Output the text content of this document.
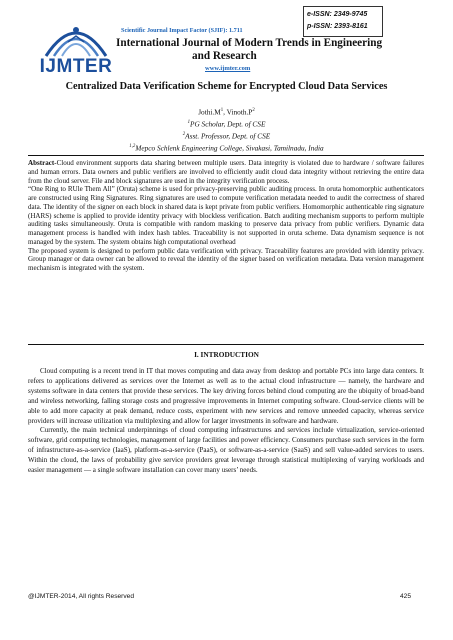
IJMTER
Scientific Journal Impact Factor (SJIF): 1.711
e-ISSN: 2349-9745
p-ISSN: 2393-8161
International Journal of Modern Trends in Engineering
and Research
www.ijmter.com
Centralized Data Verification Scheme for Encrypted Cloud Data Services
$Jothi.M^1$, $Vinoth.P^2$
$^1$PG Scholar, Dept. of CSE
$^2$Asst. Professor, Dept. of CSE
$^{1,2}$Mepco Schlenk Engineering College, Sivakasi, Tamilnadu, India

Abstract-Cloud environment supports data sharing between multiple users. Data integrity is violated due to hardware / software failures and human errors. Data owners and public verifiers are involved to efficiently audit cloud data integrity without retrieving the entire data from the cloud server. File and block signatures are used in the integrity verification process.

“One Ring to RUle Them All” (Oruta) scheme is used for privacy-preserving public auditing process. In oruta homomorphic authenticators are constructed using Ring Signatures. Ring signatures are used to compute verification metadata needed to audit the correctness of shared data. The identity of the signer on each block in shared data is kept private from public verifiers. Homomorphic authenticable ring signature (HARS) scheme is applied to provide identity privacy with blockless verification. Batch auditing mechanism supports to perform multiple auditing tasks simultaneously. Oruta is compatible with random masking to preserve data privacy from public verifiers. Dynamic data management process is handled with index hash tables. Traceability is not supported in oruta scheme. Data dynamism sequence is not managed by the system. The system obtains high computational overhead

The proposed system is designed to perform public data verification with privacy. Traceability features are provided with identity privacy. Group manager or data owner can be allowed to reveal the identity of the signer based on verification metadata. Data version management mechanism is integrated with the system.

I. INTRODUCTION

Cloud computing is a recent trend in IT that moves computing and data away from desktop and portable PCs into large data centers. It refers to applications delivered as services over the Internet as well as to the actual cloud infrastructure — namely, the hardware and systems software in data centers that provide these services. The key driving forces behind cloud computing are the ubiquity of broad-band and wireless networking, falling storage costs and progressive improvements in Internet computing software. Cloud-service clients will be able to add more capacity at peak demand, reduce costs, experiment with new services and remove unneeded capacity, whereas service providers will increase utilization via multiplexing and allow for larger investments in software and hardware.

Currently, the main technical underpinnings of cloud computing infrastructures and services include virtualization, service-oriented software, grid computing technologies, management of large facilities and power efficiency. Consumers purchase such services in the form of infrastructure-as-a-service (IaaS), platform-as-a-service (PaaS), or software-as-a-service (SaaS) and sell value-added services to users. Within the cloud, the laws of probability give service providers great leverage through statistical multiplexing of varying workloads and easier management — a single software installation can cover many users’ needs.

@IJMTER-2014, All rights Reserved	425
